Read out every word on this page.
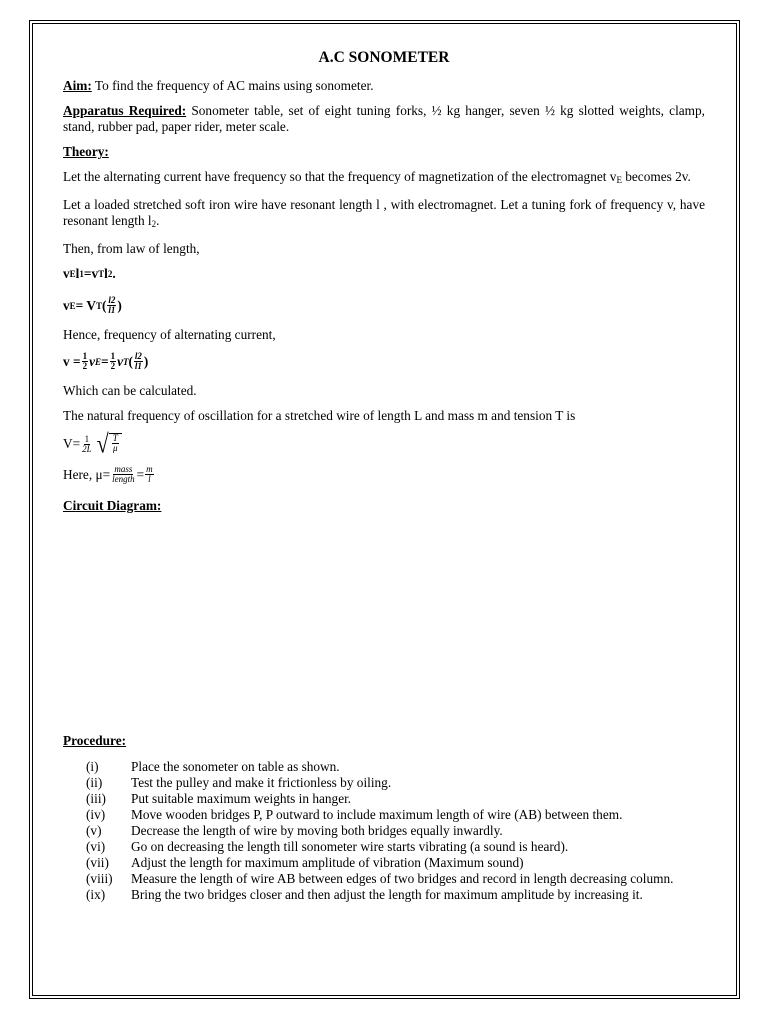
A.C SONOMETER

Aim: To find the frequency of AC mains using sonometer.

Apparatus Required: Sonometer table, set of eight tuning forks, ½ kg hanger, seven ½ kg slotted weights, clamp, stand, rubber pad, paper rider, meter scale.

Theory:

Let the alternating current have frequency so that the frequency of magnetization of the electromagnet $v_E$ becomes 2v.

Let a loaded stretched soft iron wire have resonant length l , with electromagnet. Let a tuning fork of frequency v, have resonant length $l_2$.

Then, from law of length,

v E l 1 = v T l 2 .
v E = V T ( $\frac{l2}{l1}$ )

Hence, frequency of alternating current,

$v = \frac{1}{2}$ ν $E = \frac{1}{2}$ ν T ( $\frac{l2}{l1}$ )

Which can be calculated.

The natural frequency of oscillation for a stretched wire of length L and mass m and tension T is

$V= \frac{1}{2L}$ √ $\frac{T}{\mu}$
Here, $\mu= \frac{\text{mass}}{\text{length}} = \frac{m}{l}$

Circuit Diagram:

Procedure:

(i)	Place the sonometer on table as shown.
(ii)	Test the pulley and make it frictionless by oiling.
(iii)	Put suitable maximum weights in hanger.
(iv)	Move wooden bridges P, P outward to include maximum length of wire (AB) between them.
(v)	Decrease the length of wire by moving both bridges equally inwardly.
(vi)	Go on decreasing the length till sonometer wire starts vibrating (a sound is heard).
(vii)	Adjust the length for maximum amplitude of vibration (Maximum sound)
(viii)	Measure the length of wire AB between edges of two bridges and record in length decreasing column.
(ix)	Bring the two bridges closer and then adjust the length for maximum amplitude by increasing it.
